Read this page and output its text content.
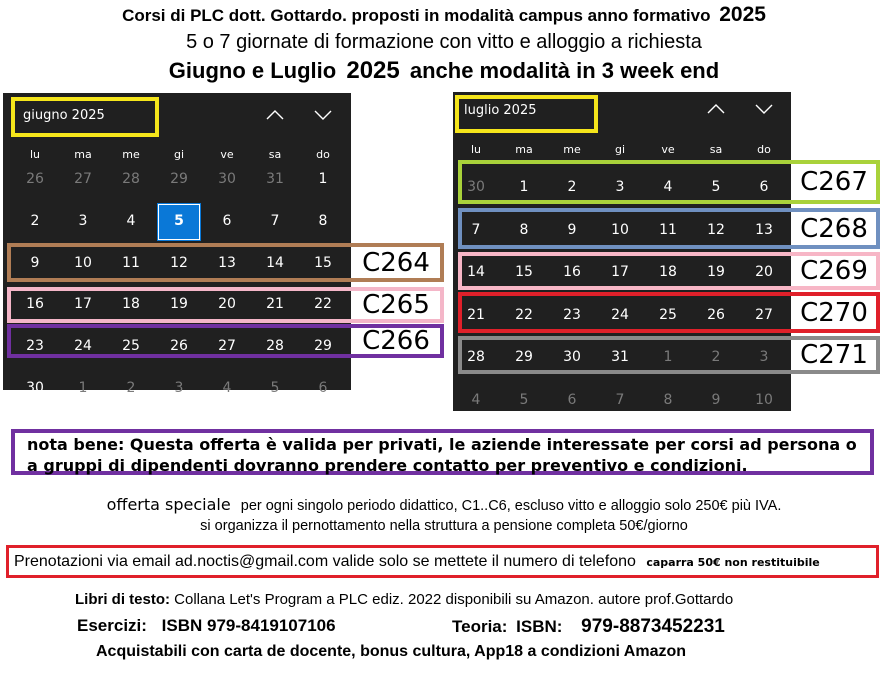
Corsi di PLC dott. Gottardo. proposti in modalità campus anno formativo 2025
5 o 7 giornate di formazione con vitto e alloggio a richiesta
Giugno e Luglio 2025 anche modalità in 3 week end
giugno 2025
lu	ma	me	gi	ve	sa	do
26	27	28	29	30	31	1
2	3	4	5	6	7	8
9	10	11	12	13	14	15
16	17	18	19	20	21	22
23	24	25	26	27	28	29
30	1	2	3	4	5	6
C264
C265
C266
luglio 2025
lu	ma	me	gi	ve	sa	do
30	1	2	3	4	5	6
7	8	9	10	11	12	13
14	15	16	17	18	19	20
21	22	23	24	25	26	27
28	29	30	31	1	2	3
4	5	6	7	8	9	10
C267
C268
C269
C270
C271
nota bene: Questa offerta è valida per privati, le aziende interessate per corsi ad persona o a gruppi di dipendenti dovranno prendere contatto per preventivo e condizioni.
offerta speciale per ogni singolo periodo didattico, C1..C6, escluso vitto e alloggio solo 250€ più IVA.
si organizza il pernottamento nella struttura a pensione completa 50€/giorno
Prenotazioni via email ad.noctis@gmail.com valide solo se mettete il numero di telefono caparra 50€ non restituibile
Libri di testo: Collana Let's Program a PLC ediz. 2022 disponibili su Amazon. autore prof.Gottardo
Esercizi: ISBN 979-8419107106	Teoria: ISBN: 979-8873452231
Acquistabili con carta de docente, bonus cultura, App18 a condizioni Amazon
